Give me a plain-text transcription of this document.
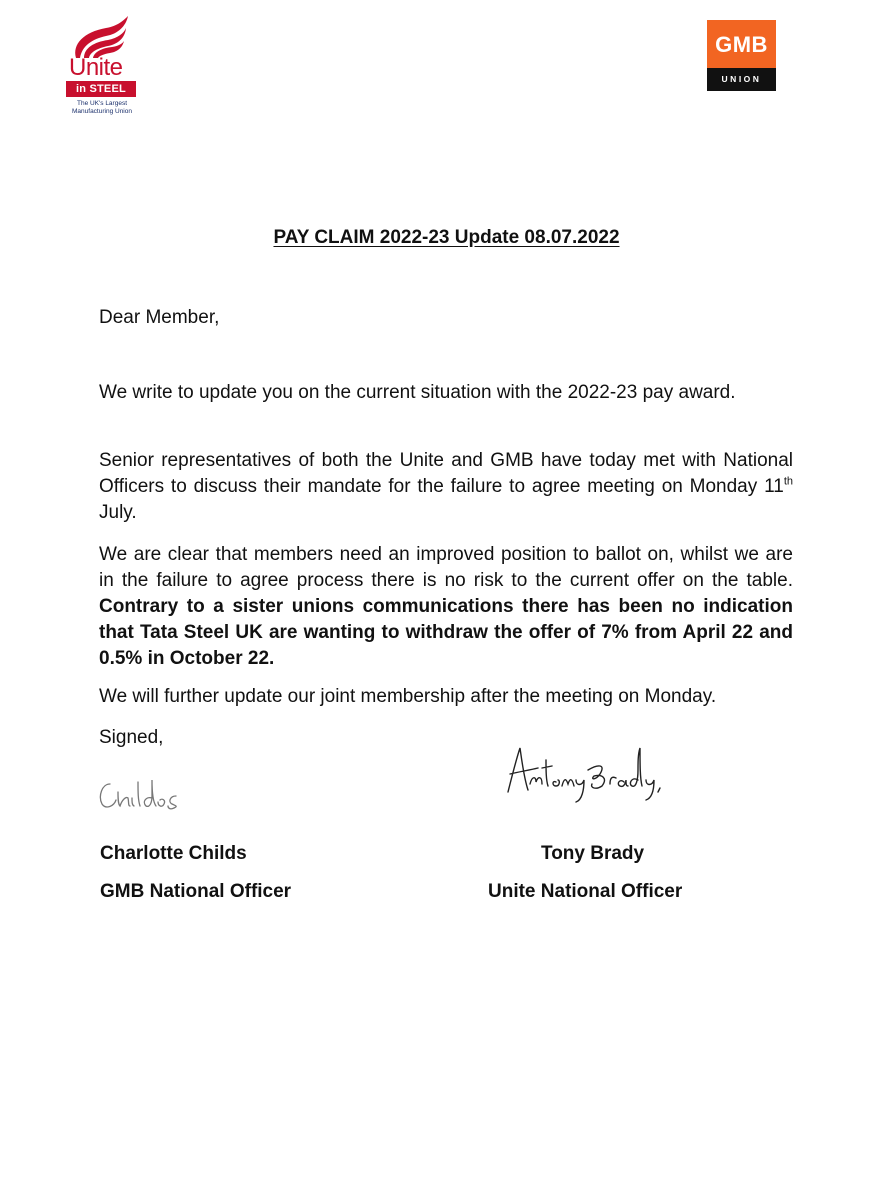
Unite
in STEEL
The UK's Largest
Manufacturing Union
GMB
UNION
PAY CLAIM 2022-23 Update 08.07.2022

Dear Member,

We write to update you on the current situation with the 2022-23 pay award.

Senior representatives of both the Unite and GMB have today met with National Officers to discuss their mandate for the failure to agree meeting on Monday 11th July.

We are clear that members need an improved position to ballot on, whilst we are in the failure to agree process there is no risk to the current offer on the table. Contrary to a sister unions communications there has been no indication that Tata Steel UK are wanting to withdraw the offer of 7% from April 22 and 0.5% in October 22.

We will further update our joint membership after the meeting on Monday.

Signed,

Charlotte Childs
GMB National Officer
Tony Brady
Unite National Officer
